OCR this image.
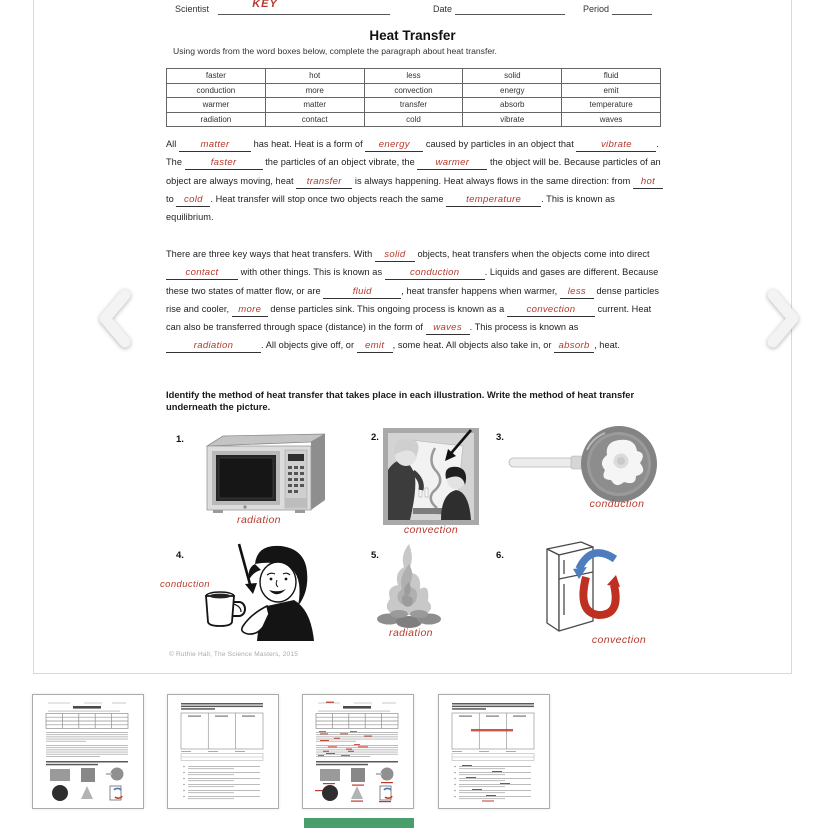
Scientist	KEY	Date	Period
Heat Transfer
Using words from the word boxes below, complete the paragraph about heat transfer.
faster	hot	less	solid	fluid
conduction	more	convection	energy	emit
warmer	matter	transfer	absorb	temperature
radiation	contact	cold	vibrate	waves
All matter has heat. Heat is a form of energy caused by particles in an object that	vibrate	. The	faster	the particles of an object vibrate, the warmer the object will be. Because particles of an object are always moving, heat transfer is always happening. Heat always flows in the same direction: from hot to cold . Heat transfer will stop once two objects reach the same temperature . This is known as equilibrium.
There are three key ways that heat transfers. With solid objects, heat transfers when the objects come into direct contact with other things. This is known as	conduction	. Liquids and gases are different. Because these two states of matter flow, or are	fluid	, heat transfer happens when warmer, less dense particles rise and cooler, more dense particles sink. This ongoing process is known as a convection current. Heat can also be transferred through space (distance) in the form of waves . This process is known as radiation	. All objects give off, or emit , some heat. All objects also take in, or absorb , heat.
Identify the method of heat transfer that takes place in each illustration. Write the method of heat transfer underneath the picture.
1.	2.	3.
4.	5.	6.
radiation
convection
conduction
conduction
radiation
convection
© Ruthie Hall, The Science Masters, 2015
